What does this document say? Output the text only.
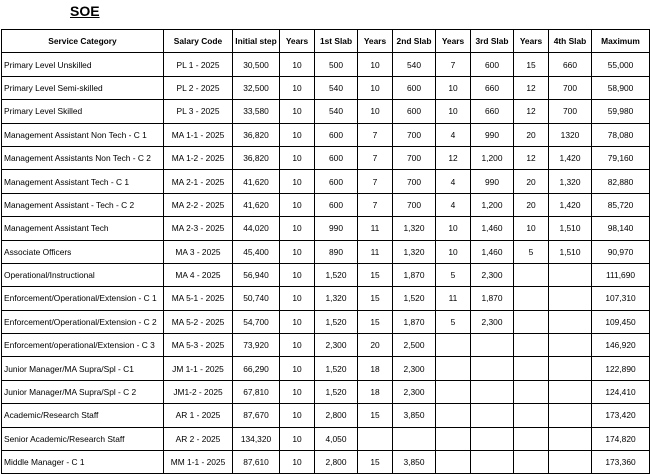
SOE
Service Category	Salary Code	Initial step	Years	1st Slab	Years	2nd Slab	Years	3rd Slab	Years	4th Slab	Maximum
Primary Level Unskilled	PL 1 - 2025	30,500	10	500	10	540	7	600	15	660	55,000
Primary Level Semi-skilled	PL 2 - 2025	32,500	10	540	10	600	10	660	12	700	58,900
Primary Level Skilled	PL 3 - 2025	33,580	10	540	10	600	10	660	12	700	59,980
Management Assistant Non Tech - C 1	MA 1-1 - 2025	36,820	10	600	7	700	4	990	20	1320	78,080
Management Assistants Non Tech - C 2	MA 1-2 - 2025	36,820	10	600	7	700	12	1,200	12	1,420	79,160
Management Assistant Tech - C 1	MA 2-1 - 2025	41,620	10	600	7	700	4	990	20	1,320	82,880
Management Assistant - Tech - C 2	MA 2-2 - 2025	41,620	10	600	7	700	4	1,200	20	1,420	85,720
Management Assistant Tech	MA 2-3 - 2025	44,020	10	990	11	1,320	10	1,460	10	1,510	98,140
Associate Officers	MA 3 - 2025	45,400	10	890	11	1,320	10	1,460	5	1,510	90,970
Operational/Instructional	MA 4 - 2025	56,940	10	1,520	15	1,870	5	2,300			111,690
Enforcement/Operational/Extension - C 1	MA 5-1 - 2025	50,740	10	1,320	15	1,520	11	1,870			107,310
Enforcement/Operational/Extension - C 2	MA 5-2 - 2025	54,700	10	1,520	15	1,870	5	2,300			109,450
Enforcement/operational/Extension - C 3	MA 5-3 - 2025	73,920	10	2,300	20	2,500					146,920
Junior Manager/MA Supra/Spl - C1	JM 1-1 - 2025	66,290	10	1,520	18	2,300					122,890
Junior Manager/MA Supra/Spl - C 2	JM1-2 - 2025	67,810	10	1,520	18	2,300					124,410
Academic/Research Staff	AR 1 - 2025	87,670	10	2,800	15	3,850					173,420
Senior Academic/Research Staff	AR 2 - 2025	134,320	10	4,050							174,820
Middle Manager - C 1	MM 1-1 - 2025	87,610	10	2,800	15	3,850					173,360
